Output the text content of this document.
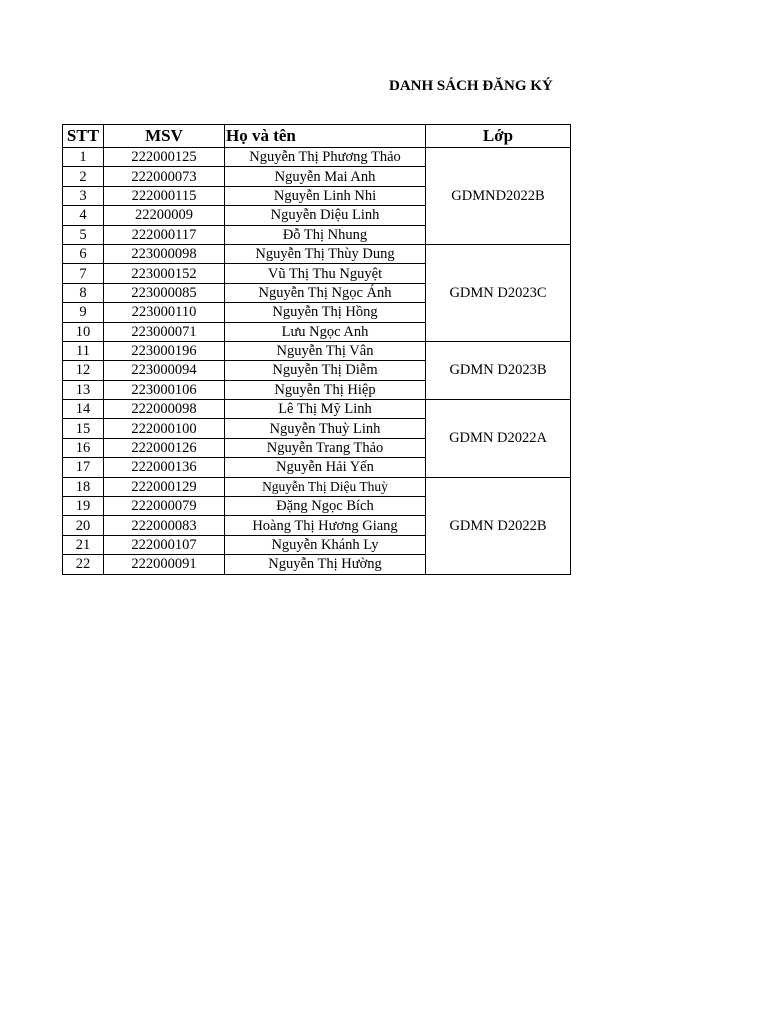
DANH SÁCH ĐĂNG KÝ
STT	MSV	Họ và tên	Lớp
1	222000125	Nguyễn Thị Phương Thảo	GDMND2022B
2	222000073	Nguyễn Mai Anh	
3	222000115	Nguyễn Linh Nhi	
4	22200009	Nguyễn Diệu Linh	
5	222000117	Đỗ Thị Nhung	
6	223000098	Nguyễn Thị Thùy Dung	GDMN D2023C
7	223000152	Vũ Thị Thu Nguyệt	
8	223000085	Nguyễn Thị Ngọc Ánh	
9	223000110	Nguyễn Thị Hồng	
10	223000071	Lưu Ngọc Anh	
11	223000196	Nguyễn Thị Vân	GDMN D2023B
12	223000094	Nguyễn Thị Diễm	
13	223000106	Nguyễn Thị Hiệp	
14	222000098	Lê Thị Mỹ Linh	GDMN D2022A
15	222000100	Nguyễn Thuỳ Linh	
16	222000126	Nguyễn Trang Thảo	
17	222000136	Nguyễn Hải Yến	
18	222000129	Nguyễn Thị Diệu Thuỳ	GDMN D2022B
19	222000079	Đặng Ngọc Bích	
20	222000083	Hoàng Thị Hương Giang	
21	222000107	Nguyễn Khánh Ly	
22	222000091	Nguyễn Thị Hường	
